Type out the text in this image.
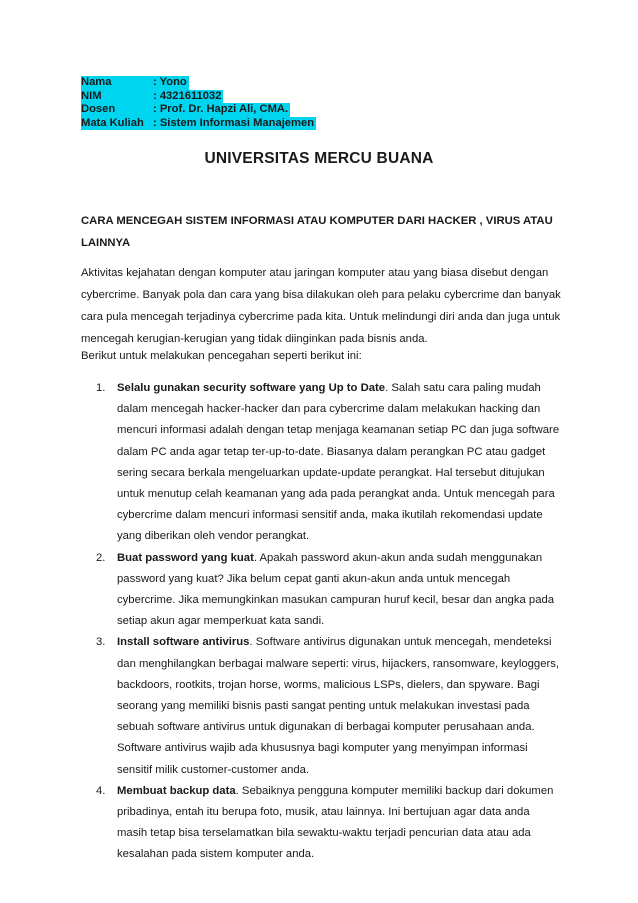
Nama	: Yono
NIM	: 4321611032
Dosen	: Prof. Dr. Hapzi Ali, CMA.
Mata Kuliah : Sistem Informasi Manajemen
UNIVERSITAS MERCU BUANA
CARA MENCEGAH SISTEM INFORMASI ATAU KOMPUTER DARI HACKER , VIRUS ATAU LAINNYA
Aktivitas kejahatan dengan komputer atau jaringan komputer atau yang biasa disebut dengan cybercrime. Banyak pola dan cara yang bisa dilakukan oleh para pelaku cybercrime dan banyak cara pula mencegah terjadinya cybercrime pada kita. Untuk melindungi diri anda dan juga untuk mencegah kerugian-kerugian yang tidak diinginkan pada bisnis anda.
Berikut untuk melakukan pencegahan seperti berikut ini:
1. Selalu gunakan security software yang Up to Date. Salah satu cara paling mudah dalam mencegah hacker-hacker dan para cybercrime dalam melakukan hacking dan mencuri informasi adalah dengan tetap menjaga keamanan setiap PC dan juga software dalam PC anda agar tetap ter-up-to-date. Biasanya dalam perangkan PC atau gadget sering secara berkala mengeluarkan update-update perangkat. Hal tersebut ditujukan untuk menutup celah keamanan yang ada pada perangkat anda. Untuk mencegah para cybercrime dalam mencuri informasi sensitif anda, maka ikutilah rekomendasi update yang diberikan oleh vendor perangkat.
2. Buat password yang kuat. Apakah password akun-akun anda sudah menggunakan password yang kuat? Jika belum cepat ganti akun-akun anda untuk mencegah cybercrime. Jika memungkinkan masukan campuran huruf kecil, besar dan angka pada setiap akun agar memperkuat kata sandi.
3. Install software antivirus. Software antivirus digunakan untuk mencegah, mendeteksi dan menghilangkan berbagai malware seperti: virus, hijackers, ransomware, keyloggers, backdoors, rootkits, trojan horse, worms, malicious LSPs, dielers, dan spyware. Bagi seorang yang memiliki bisnis pasti sangat penting untuk melakukan investasi pada sebuah software antivirus untuk digunakan di berbagai komputer perusahaan anda. Software antivirus wajib ada khususnya bagi komputer yang menyimpan informasi sensitif milik customer-customer anda.
4. Membuat backup data. Sebaiknya pengguna komputer memiliki backup dari dokumen pribadinya, entah itu berupa foto, musik, atau lainnya. Ini bertujuan agar data anda masih tetap bisa terselamatkan bila sewaktu-waktu terjadi pencurian data atau ada kesalahan pada sistem komputer anda.
